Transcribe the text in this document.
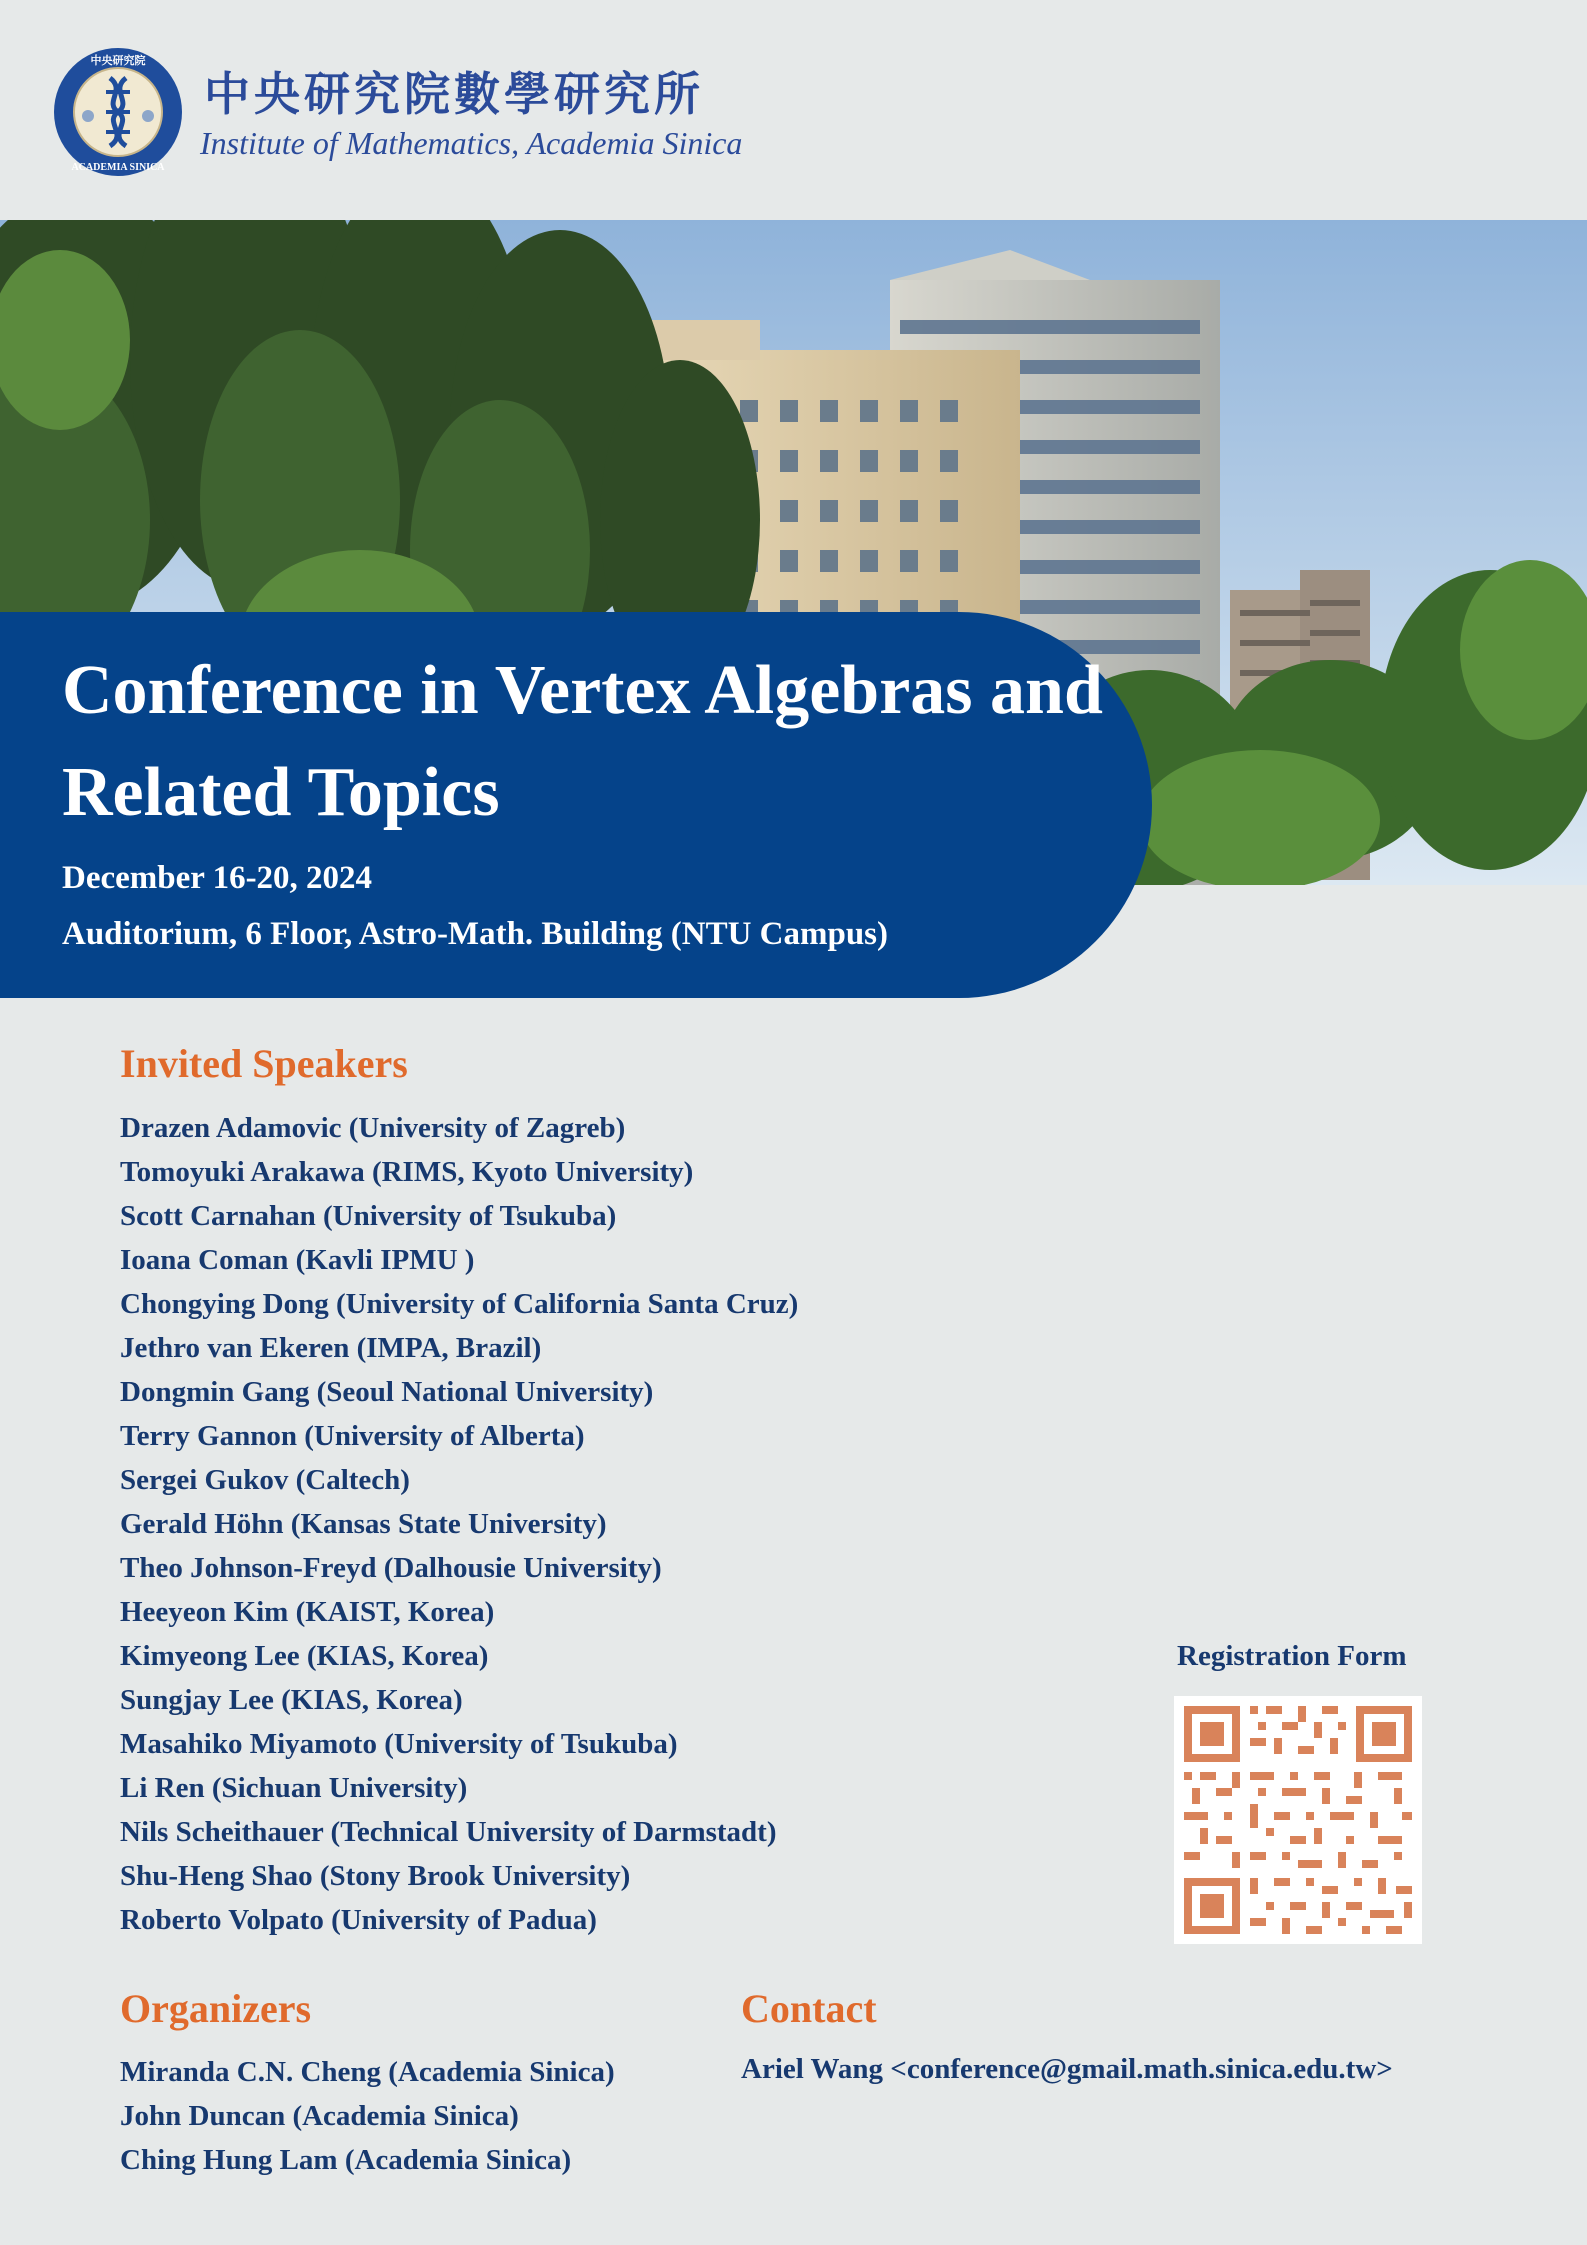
中央研究院
ACADEMIA SINICA
中央研究院數學研究所
Institute of Mathematics, Academia Sinica
Conference in Vertex Algebras and Related Topics
December 16-20, 2024
Auditorium, 6 Floor, Astro-Math. Building (NTU Campus)
Invited Speakers
Drazen Adamovic (University of Zagreb)
Tomoyuki Arakawa (RIMS, Kyoto University)
Scott Carnahan (University of Tsukuba)
Ioana Coman (Kavli IPMU )
Chongying Dong (University of California Santa Cruz)
Jethro van Ekeren (IMPA, Brazil)
Dongmin Gang (Seoul National University)
Terry Gannon (University of Alberta)
Sergei Gukov (Caltech)
Gerald Höhn (Kansas State University)
Theo Johnson-Freyd (Dalhousie University)
Heeyeon Kim (KAIST, Korea)
Kimyeong Lee (KIAS, Korea)
Sungjay Lee (KIAS, Korea)
Masahiko Miyamoto (University of Tsukuba)
Li Ren (Sichuan University)
Nils Scheithauer (Technical University of Darmstadt)
Shu-Heng Shao (Stony Brook University)
Roberto Volpato (University of Padua)
Registration Form
Organizers
Miranda C.N. Cheng (Academia Sinica)
John Duncan (Academia Sinica)
Ching Hung Lam (Academia Sinica)
Contact
Ariel Wang <conference@gmail.math.sinica.edu.tw>
